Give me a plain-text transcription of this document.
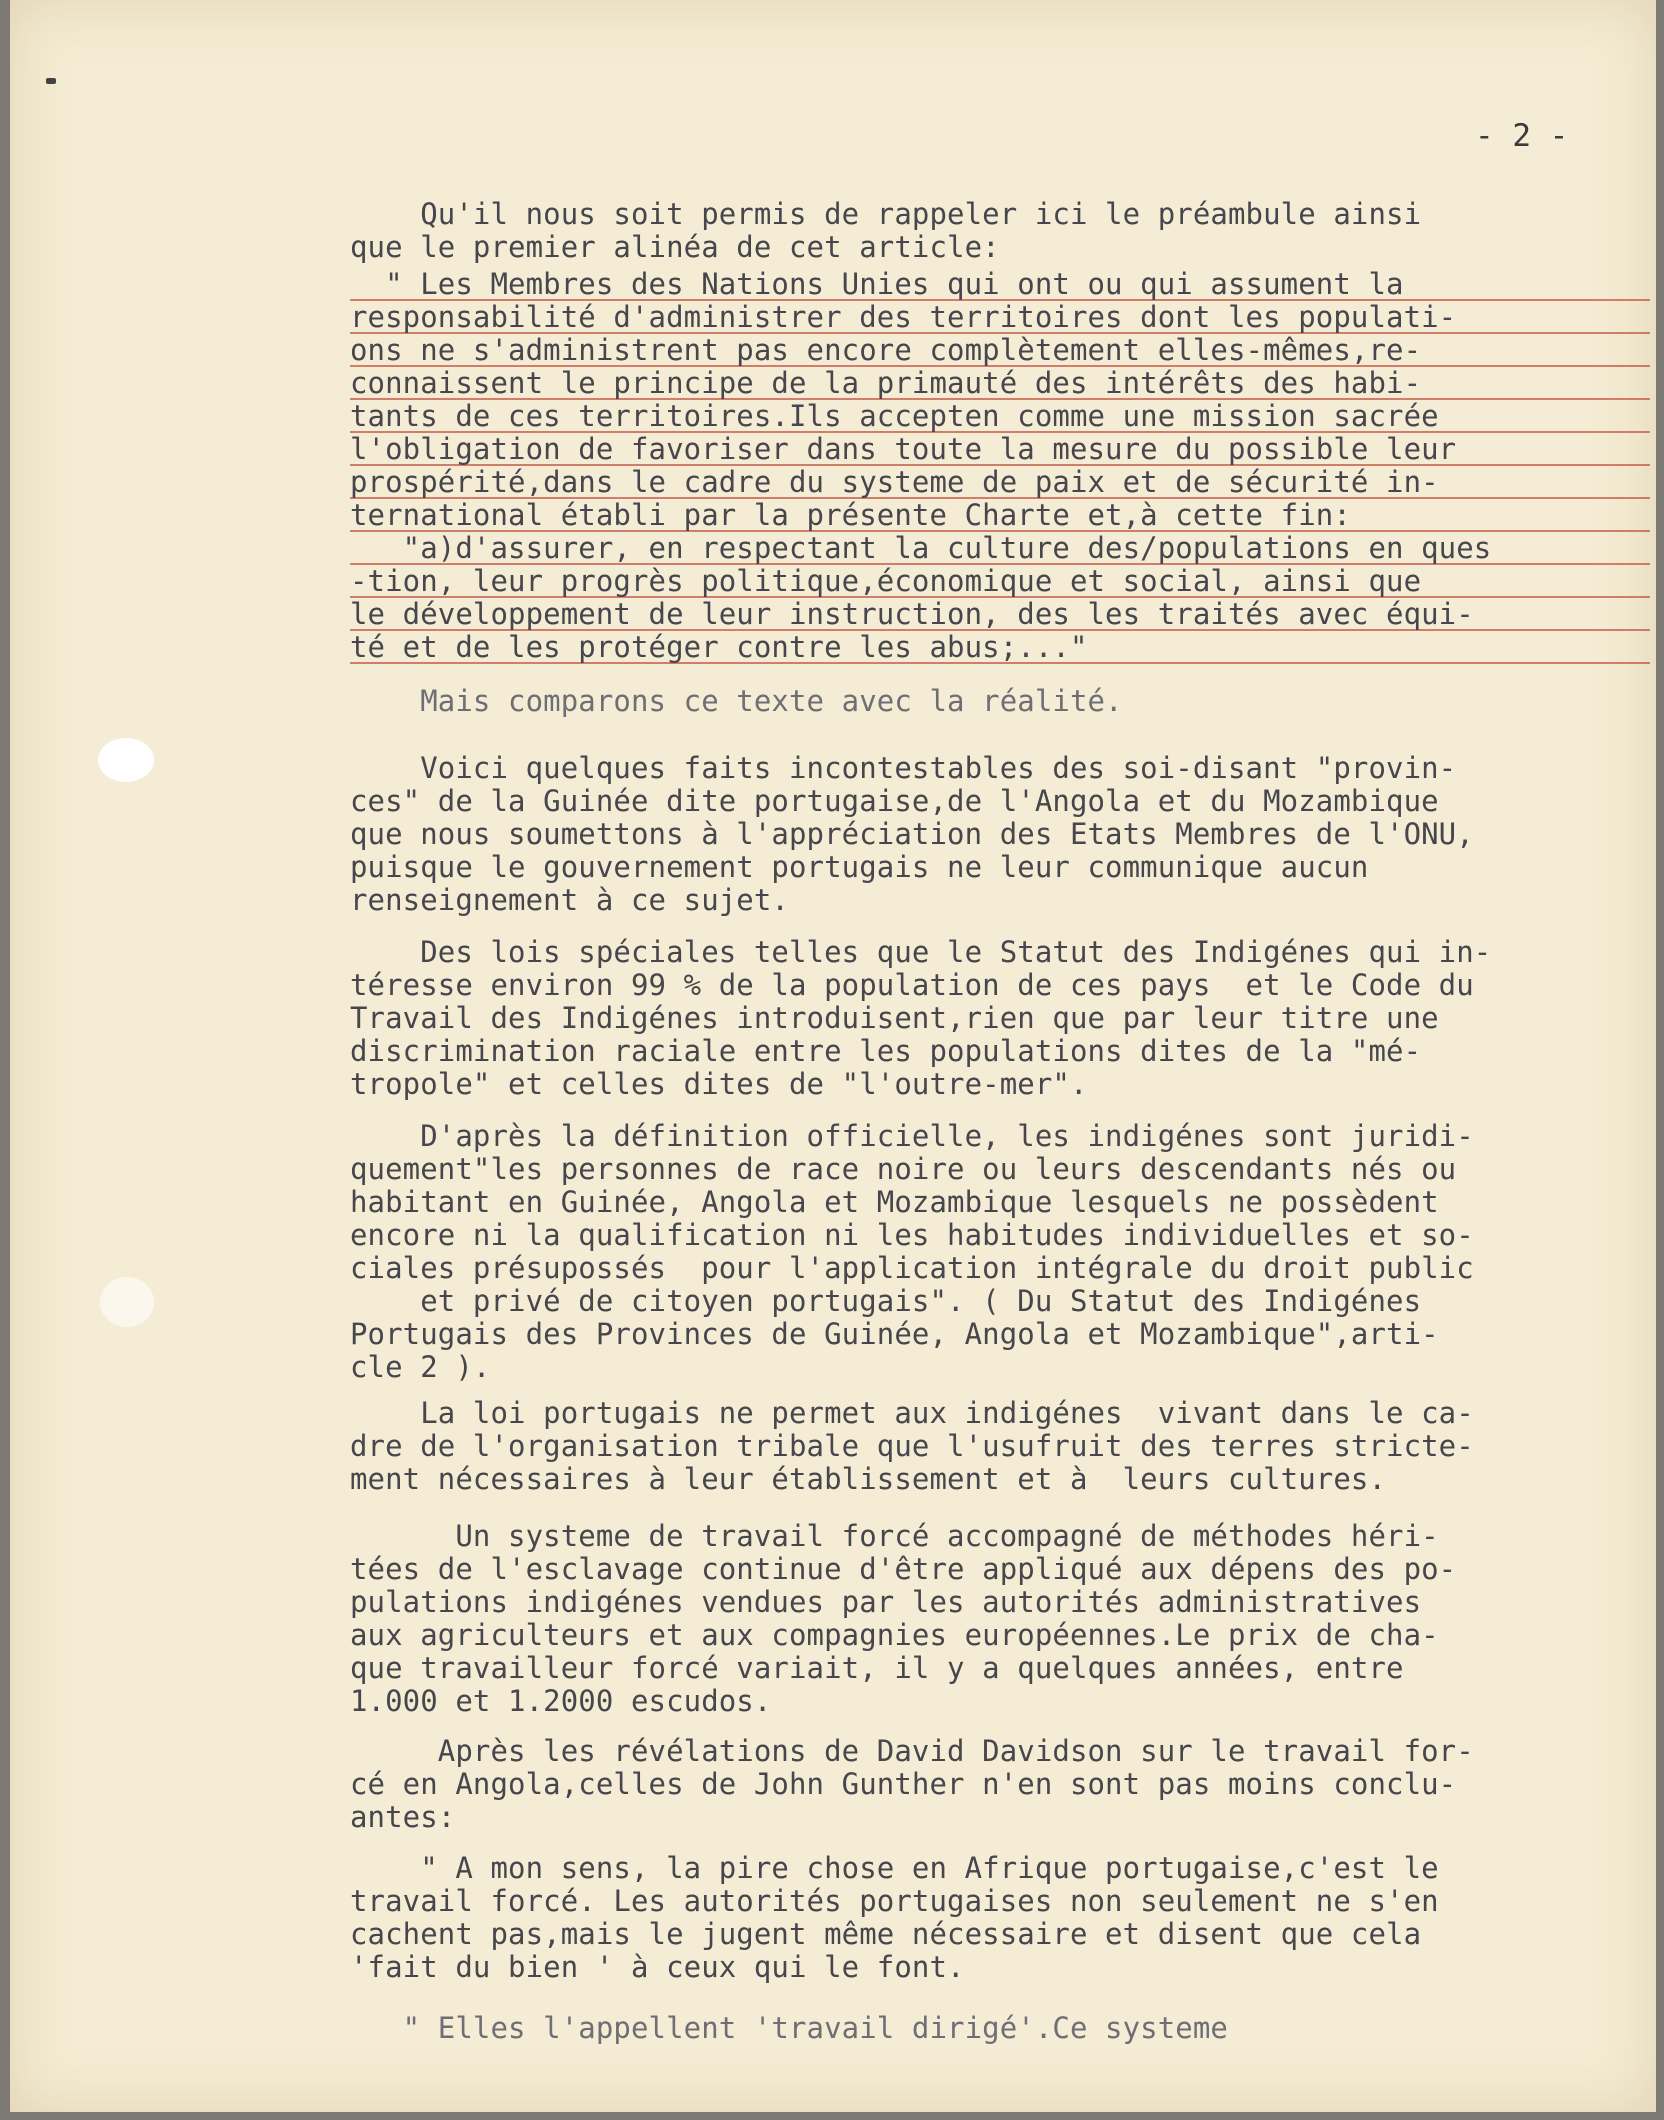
- 2 -
Qu'il nous soit permis de rappeler ici le préambule ainsi
que le premier alinéa de cet article:
" Les Membres des Nations Unies qui ont ou qui assument la
responsabilité d'administrer des territoires dont les populati-
ons ne s'administrent pas encore complètement elles-mêmes,re-
connaissent le principe de la primauté des intérêts des habi-
tants de ces territoires.Ils accepten comme une mission sacrée
l'obligation de favoriser dans toute la mesure du possible leur
prospérité,dans le cadre du systeme de paix et de sécurité in-
ternational établi par la présente Charte et,à cette fin:
"a)d'assurer, en respectant la culture des/populations en ques
-tion, leur progrès politique,économique et social, ainsi que
le développement de leur instruction, des les traités avec équi-
té et de les protéger contre les abus;..."
Mais comparons ce texte avec la réalité.
Voici quelques faits incontestables des soi-disant "provin-
ces" de la Guinée dite portugaise,de l'Angola et du Mozambique
que nous soumettons à l'appréciation des Etats Membres de l'ONU,
puisque le gouvernement portugais ne leur communique aucun
renseignement à ce sujet.
Des lois spéciales telles que le Statut des Indigénes qui in-
téresse environ 99 % de la population de ces pays  et le Code du
Travail des Indigénes introduisent,rien que par leur titre une
discrimination raciale entre les populations dites de la "mé-
tropole" et celles dites de "l'outre-mer".
D'après la définition officielle, les indigénes sont juridi-
quement"les personnes de race noire ou leurs descendants nés ou
habitant en Guinée, Angola et Mozambique lesquels ne possèdent
encore ni la qualification ni les habitudes individuelles et so-
ciales présupossés  pour l'application intégrale du droit public
et privé de citoyen portugais". ( Du Statut des Indigénes
Portugais des Provinces de Guinée, Angola et Mozambique",arti-
cle 2 ).
La loi portugais ne permet aux indigénes  vivant dans le ca-
dre de l'organisation tribale que l'usufruit des terres stricte-
ment nécessaires à leur établissement et à  leurs cultures.
Un systeme de travail forcé accompagné de méthodes héri-
tées de l'esclavage continue d'être appliqué aux dépens des po-
pulations indigénes vendues par les autorités administratives
aux agriculteurs et aux compagnies européennes.Le prix de cha-
que travailleur forcé variait, il y a quelques années, entre
1.000 et 1.2000 escudos.
Après les révélations de David Davidson sur le travail for-
cé en Angola,celles de John Gunther n'en sont pas moins conclu-
antes:
" A mon sens, la pire chose en Afrique portugaise,c'est le
travail forcé. Les autorités portugaises non seulement ne s'en
cachent pas,mais le jugent même nécessaire et disent que cela
'fait du bien ' à ceux qui le font.
" Elles l'appellent 'travail dirigé'.Ce systeme
